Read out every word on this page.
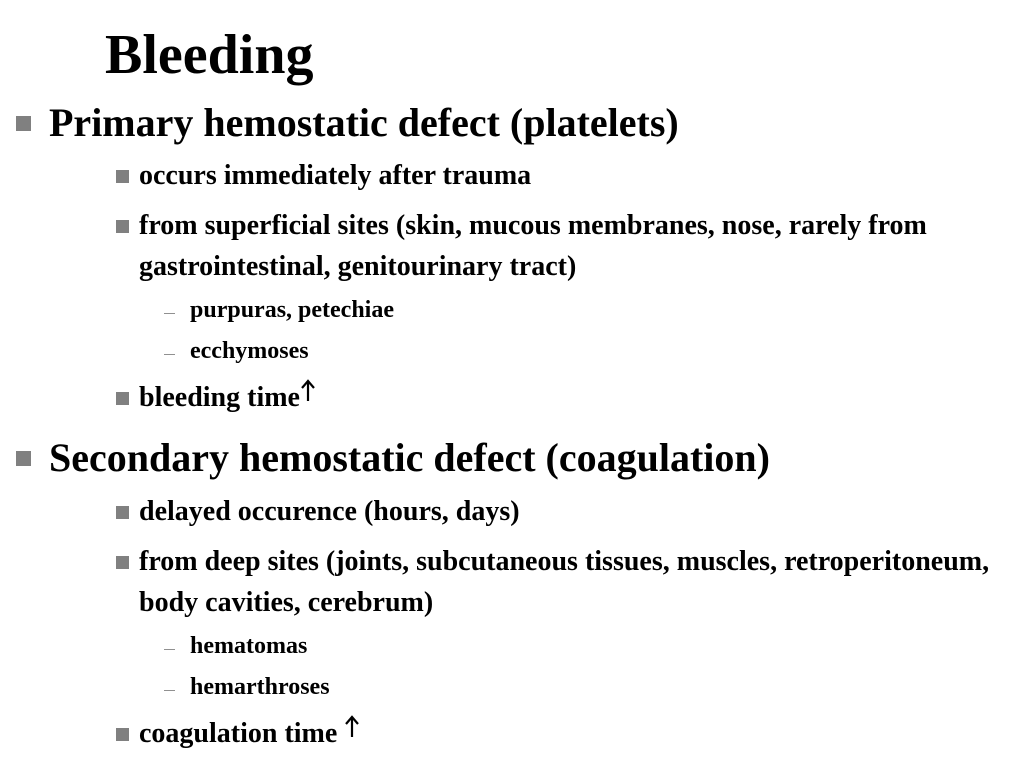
Bleeding
Primary hemostatic defect (platelets)
occurs immediately after trauma
from superficial sites (skin, mucous membranes, nose, rarely from gastrointestinal, genitourinary tract)
purpuras, petechiae
ecchymoses
bleeding time
Secondary hemostatic defect (coagulation)
delayed occurence (hours, days)
from deep sites (joints, subcutaneous tissues, muscles, retroperitoneum, body cavities, cerebrum)
hematomas
hemarthroses
coagulation time
